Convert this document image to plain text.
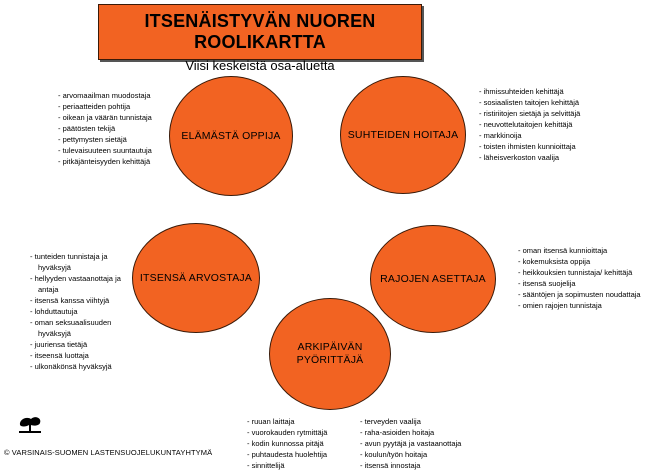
ITSENÄISTYVÄN NUOREN ROOLIKARTTA
Viisi keskeistä osa-aluetta
ELÄMÄSTÄ OPPIJA	SUHTEIDEN HOITAJA
ITSENSÄ ARVOSTAJA	RAJOJEN ASETTAJA
ARKIPÄIVÄN PYÖRITTÄJÄ
- arvomaailman muodostaja
- periaatteiden pohtija
- oikean ja väärän tunnistaja
- päätösten tekijä
- pettymysten sietäjä
- tulevaisuuteen suuntautuja
- pitkäjänteisyyden kehittäjä
- ihmissuhteiden kehittäjä
- sosiaalisten taitojen kehittäjä
- ristiriitojen sietäjä ja selvittäjä
- neuvottelutaitojen kehittäjä
- markkinoija
- toisten ihmisten kunnioittaja
- läheisverkoston vaalija
- tunteiden tunnistaja ja hyväksyjä
- hellyyden vastaanottaja ja antaja
- itsensä kanssa viihtyjä
- lohduttautuja
- oman seksuaalisuuden hyväksyjä
- juuriensa tietäjä
- itseensä luottaja
- ulkonäkönsä hyväksyjä
- oman itsensä kunnioittaja
- kokemuksista oppija
- heikkouksien tunnistaja/ kehittäjä
- itsensä suojelija
- sääntöjen ja sopimusten noudattaja
- omien rajojen tunnistaja
- ruuan laittaja
- vuorokauden rytmittäjä
- kodin kunnossa pitäjä
- puhtaudesta huolehtija
- sinnittelijä
- terveyden vaalija
- raha-asioiden hoitaja
- avun pyytäjä ja vastaanottaja
- koulun/työn hoitaja
- itsensä innostaja
© VARSINAIS-SUOMEN LASTENSUOJELUKUNTAYHTYMÄ
